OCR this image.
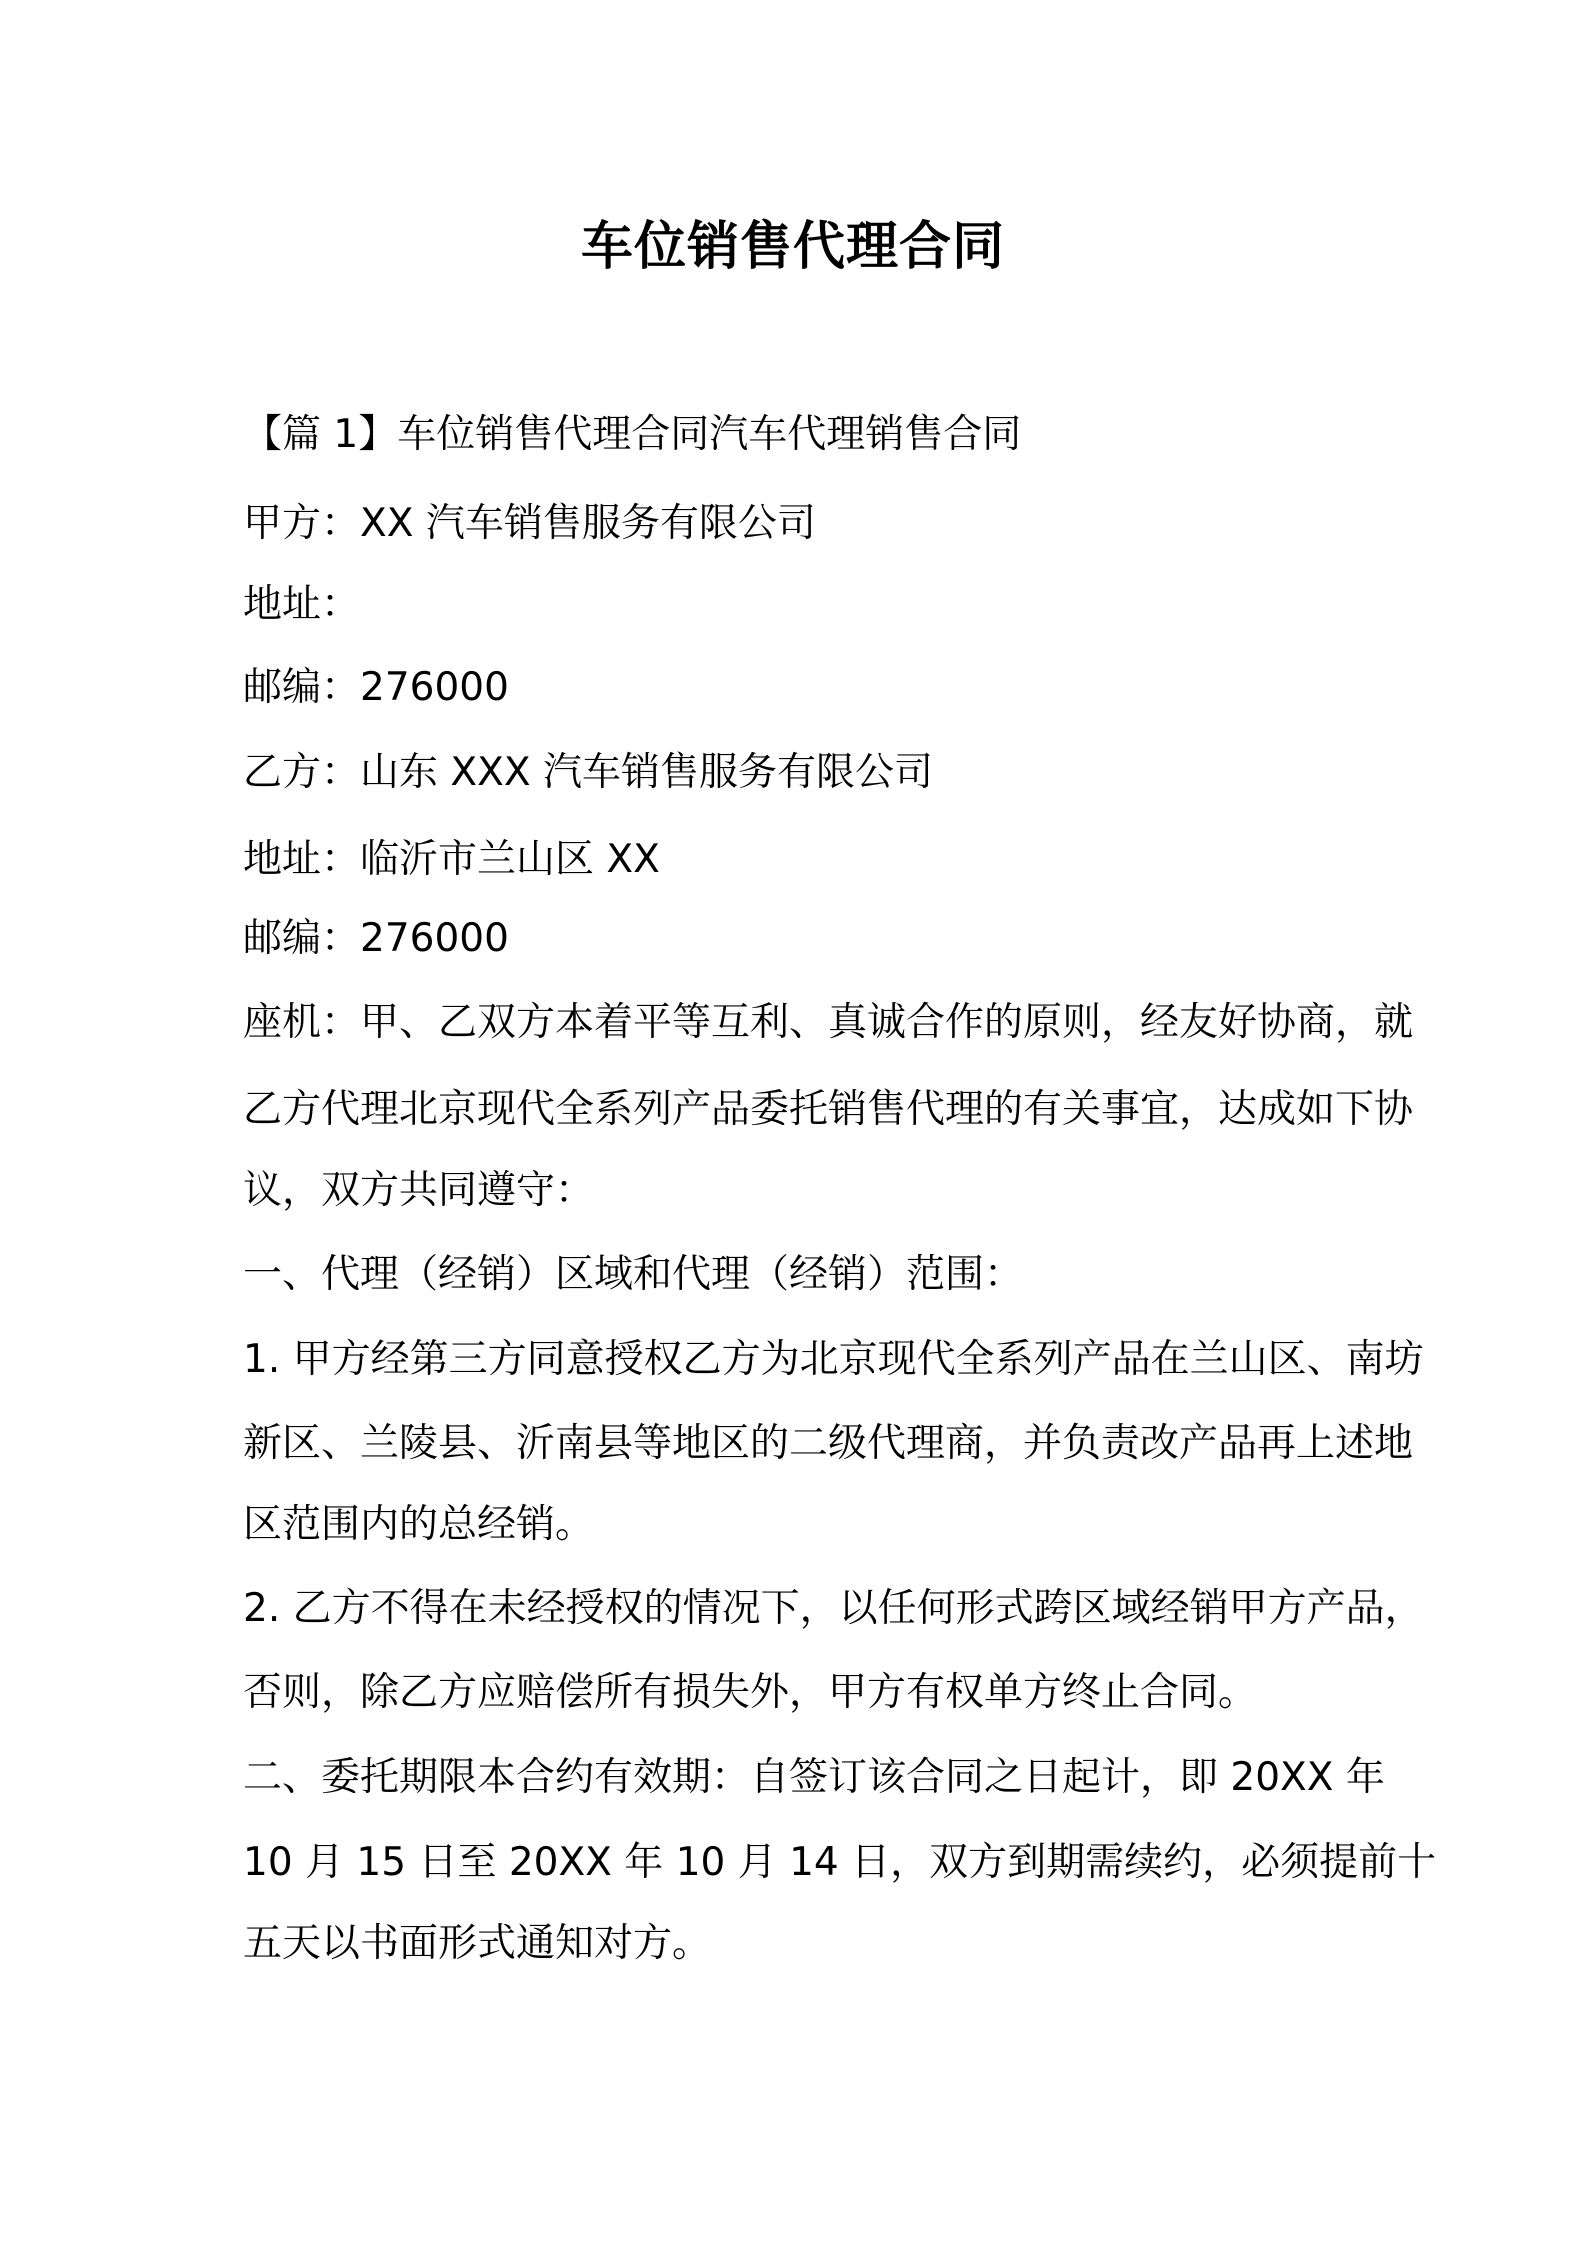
车位销售代理合同

【篇 1】车位销售代理合同汽车代理销售合同

甲方：XX 汽车销售服务有限公司

地址：

邮编：276000

乙方：山东 XXX 汽车销售服务有限公司

地址：临沂市兰山区 XX

邮编：276000

座机：甲、乙双方本着平等互利、真诚合作的原则，经友好协商，就

乙方代理北京现代全系列产品委托销售代理的有关事宜，达成如下协

议，双方共同遵守：

一、代理（经销）区域和代理（经销）范围：

1. 甲方经第三方同意授权乙方为北京现代全系列产品在兰山区、南坊

新区、兰陵县、沂南县等地区的二级代理商，并负责改产品再上述地

区范围内的总经销。

2. 乙方不得在未经授权的情况下，以任何形式跨区域经销甲方产品，

否则，除乙方应赔偿所有损失外，甲方有权单方终止合同。

二、委托期限本合约有效期：自签订该合同之日起计，即 20XX 年

10 月 15 日至 20XX 年 10 月 14 日，双方到期需续约，必须提前十

五天以书面形式通知对方。
